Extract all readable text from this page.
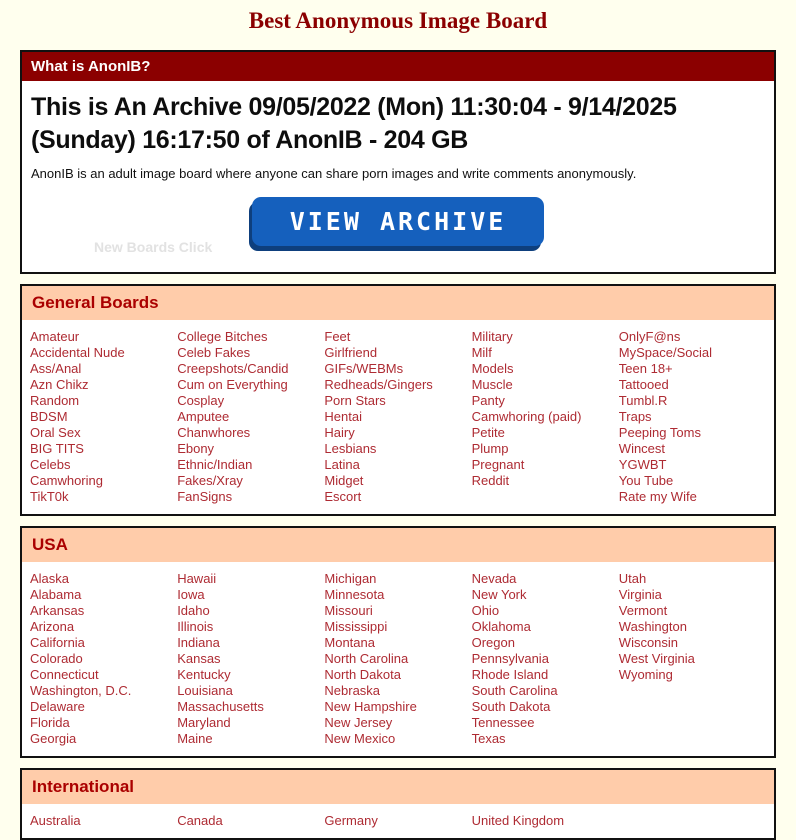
Best Anonymous Image Board
What is AnonIB?
This is An Archive 09/05/2022 (Mon) 11:30:04 - 9/14/2025 (Sunday) 16:17:50 of AnonIB - 204 GB
AnonIB is an adult image board where anyone can share porn images and write comments anonymously.
New Boards Click
VIEW ARCHIVE
General Boards
Amateur
Accidental Nude
Ass/Anal
Azn Chikz
Random
BDSM
Oral Sex
BIG TITS
Celebs
Camwhoring
TikT0k
College Bitches
Celeb Fakes
Creepshots/Candid
Cum on Everything
Cosplay
Amputee
Chanwhores
Ebony
Ethnic/Indian
Fakes/Xray
FanSigns
Feet
Girlfriend
GIFs/WEBMs
Redheads/Gingers
Porn Stars
Hentai
Hairy
Lesbians
Latina
Midget
Escort
Military
Milf
Models
Muscle
Panty
Camwhoring (paid)
Petite
Plump
Pregnant
Reddit
OnlyF@ns
MySpace/Social
Teen 18+
Tattooed
Tumbl.R
Traps
Peeping Toms
Wincest
YGWBT
You Tube
Rate my Wife
USA
Alaska
Alabama
Arkansas
Arizona
California
Colorado
Connecticut
Washington, D.C.
Delaware
Florida
Georgia
Hawaii
Iowa
Idaho
Illinois
Indiana
Kansas
Kentucky
Louisiana
Massachusetts
Maryland
Maine
Michigan
Minnesota
Missouri
Mississippi
Montana
North Carolina
North Dakota
Nebraska
New Hampshire
New Jersey
New Mexico
Nevada
New York
Ohio
Oklahoma
Oregon
Pennsylvania
Rhode Island
South Carolina
South Dakota
Tennessee
Texas
Utah
Virginia
Vermont
Washington
Wisconsin
West Virginia
Wyoming
International
Australia	Canada	Germany	United Kingdom
